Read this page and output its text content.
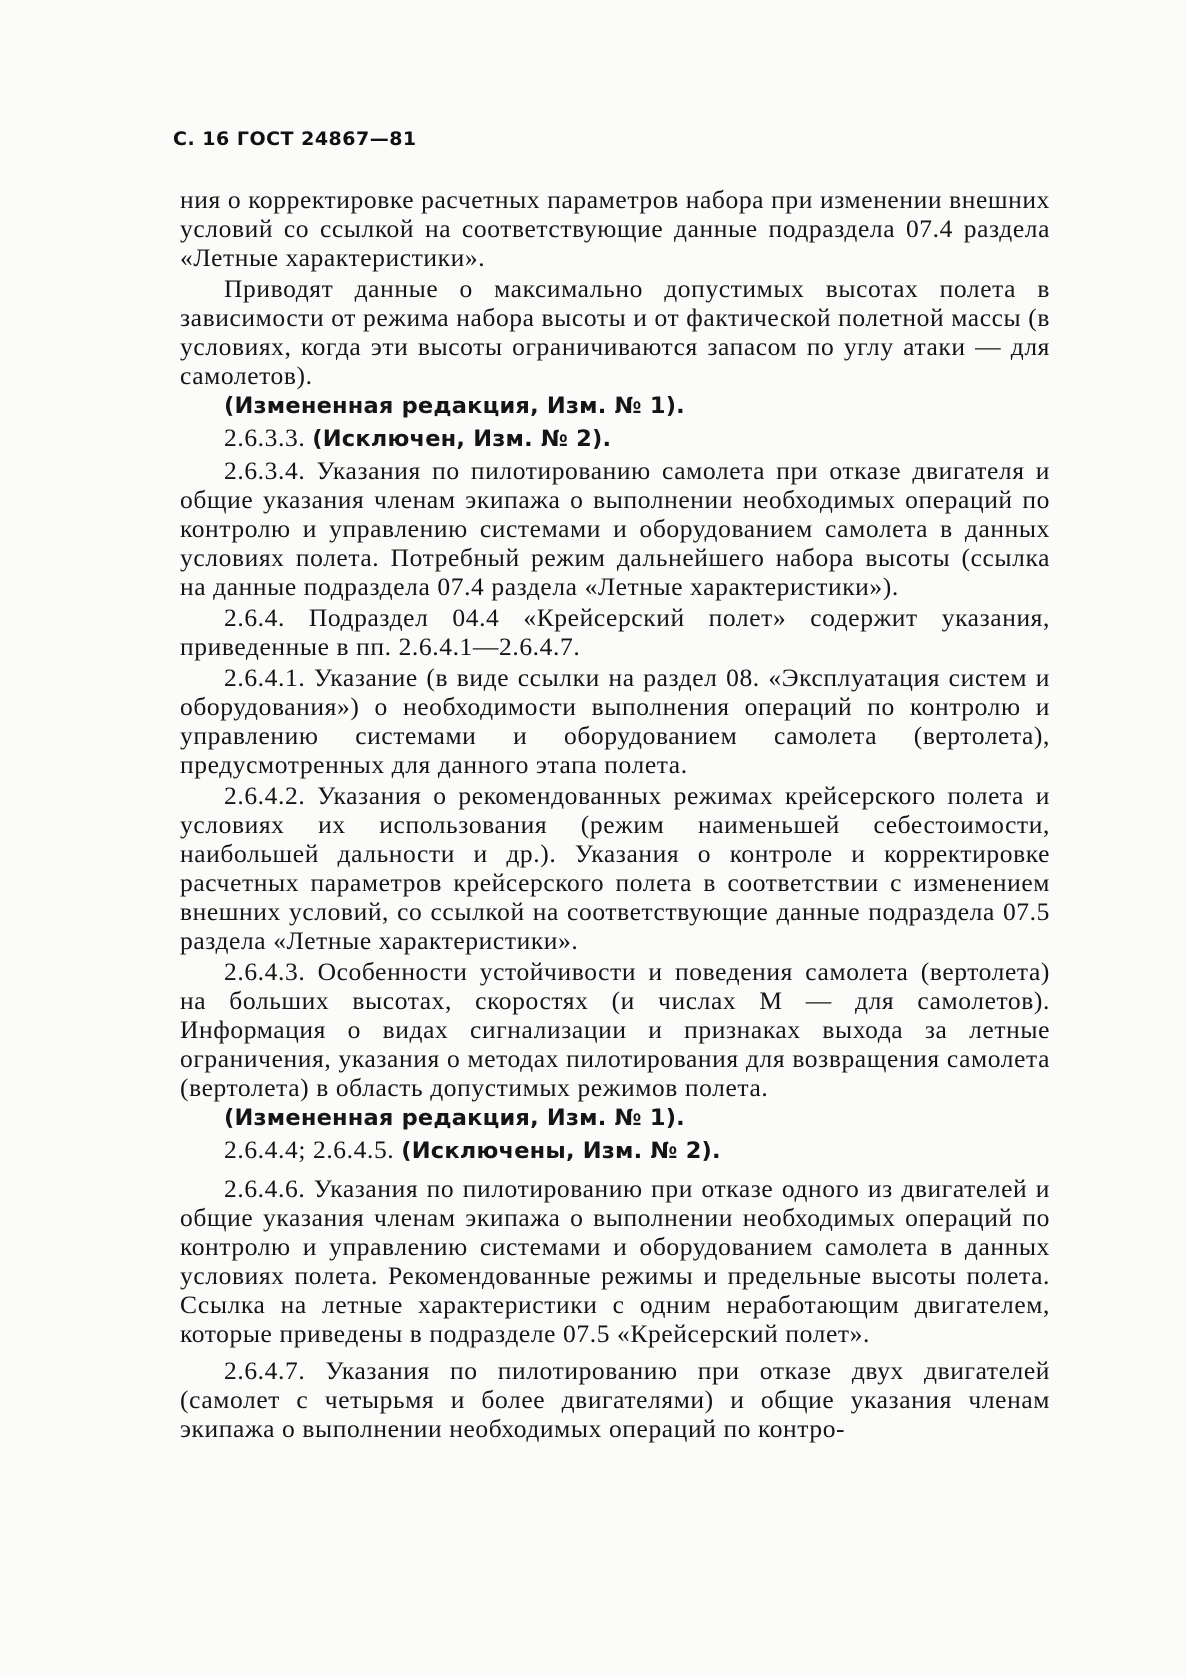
С. 16 ГОСТ 24867—81

ния о корректировке расчетных параметров набора при изменении внешних условий со ссылкой на соответствующие данные подраздела 07.4 раздела «Летные характеристики».

Приводят данные о максимально допустимых высотах полета в зависимости от режима набора высоты и от фактической полетной массы (в условиях, когда эти высоты ограничиваются запасом по углу атаки — для самолетов).

(Измененная редакция, Изм. № 1).

2.6.3.3. (Исключен, Изм. № 2).

2.6.3.4. Указания по пилотированию самолета при отказе двигателя и общие указания членам экипажа о выполнении необходимых операций по контролю и управлению системами и оборудованием самолета в данных условиях полета. Потребный режим дальнейшего набора высоты (ссылка на данные подраздела 07.4 раздела «Летные характеристики»).

2.6.4. Подраздел 04.4 «Крейсерский полет» содержит указания, приведенные в пп. 2.6.4.1—2.6.4.7.

2.6.4.1. Указание (в виде ссылки на раздел 08. «Эксплуатация систем и оборудования») о необходимости выполнения операций по контролю и управлению системами и оборудованием самолета (вертолета), предусмотренных для данного этапа полета.

2.6.4.2. Указания о рекомендованных режимах крейсерского полета и условиях их использования (режим наименьшей себестоимости, наибольшей дальности и др.). Указания о контроле и корректировке расчетных параметров крейсерского полета в соответствии с изменением внешних условий, со ссылкой на соответствующие данные подраздела 07.5 раздела «Летные характеристики».

2.6.4.3. Особенности устойчивости и поведения самолета (вертолета) на больших высотах, скоростях (и числах М — для самолетов). Информация о видах сигнализации и признаках выхода за летные ограничения, указания о методах пилотирования для возвращения самолета (вертолета) в область допустимых режимов полета.

(Измененная редакция, Изм. № 1).

2.6.4.4; 2.6.4.5. (Исключены, Изм. № 2).

2.6.4.6. Указания по пилотированию при отказе одного из двигателей и общие указания членам экипажа о выполнении необходимых операций по контролю и управлению системами и оборудованием самолета в данных условиях полета. Рекомендованные режимы и предельные высоты полета. Ссылка на летные характеристики с одним неработающим двигателем, которые приведены в подразделе 07.5 «Крейсерский полет».

2.6.4.7. Указания по пилотированию при отказе двух двигателей (самолет с четырьмя и более двигателями) и общие указания членам экипажа о выполнении необходимых операций по контро-
